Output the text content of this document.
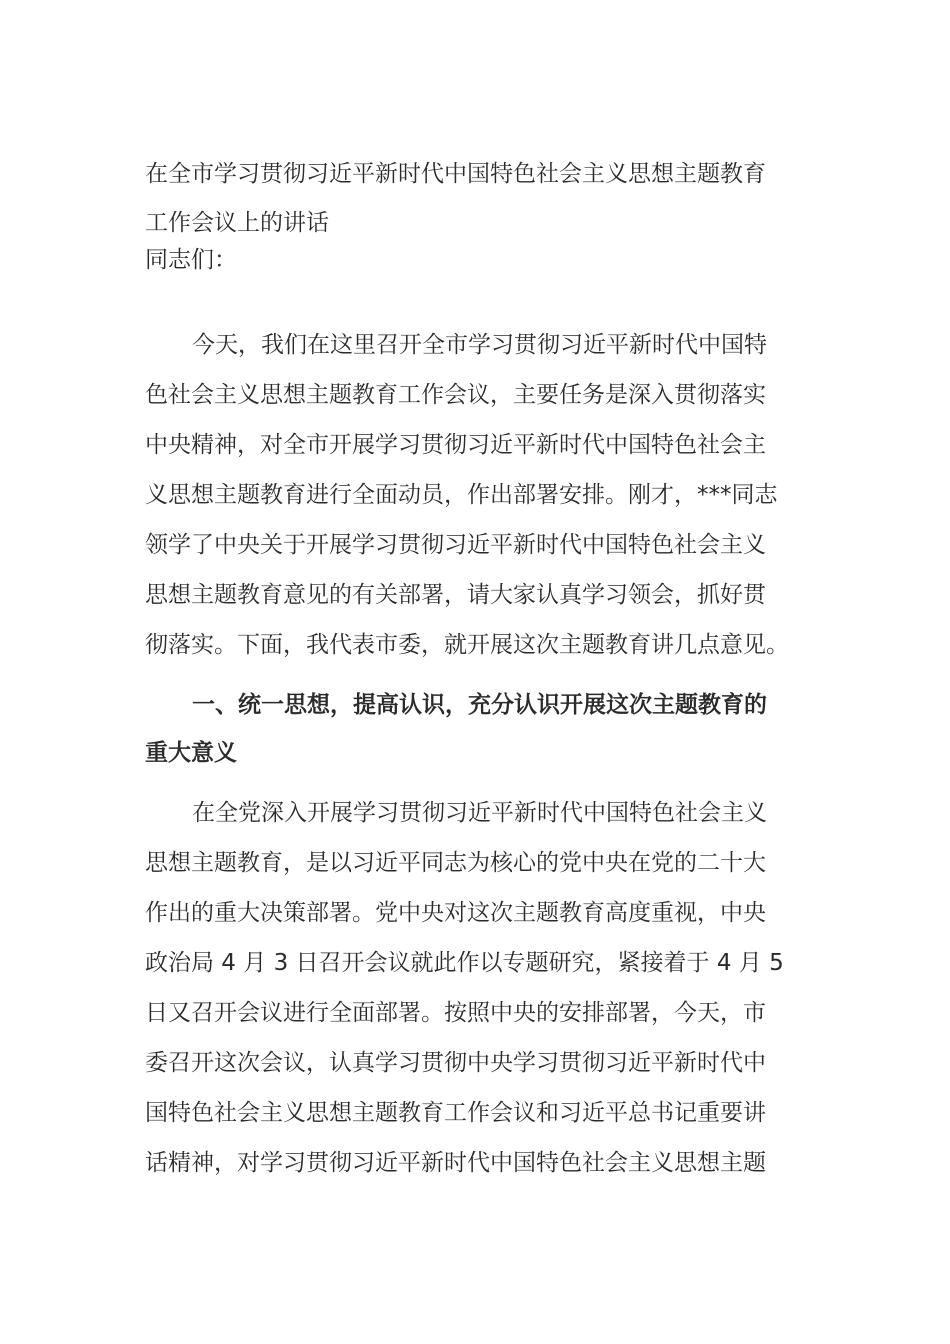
在全市学习贯彻习近平新时代中国特色社会主义思想主题教育
工作会议上的讲话
同志们：
今天，我们在这里召开全市学习贯彻习近平新时代中国特
色社会主义思想主题教育工作会议，主要任务是深入贯彻落实
中央精神，对全市开展学习贯彻习近平新时代中国特色社会主
义思想主题教育进行全面动员，作出部署安排。刚才，***同志
领学了中央关于开展学习贯彻习近平新时代中国特色社会主义
思想主题教育意见的有关部署，请大家认真学习领会，抓好贯
彻落实。下面，我代表市委，就开展这次主题教育讲几点意见。
一、统一思想，提高认识，充分认识开展这次主题教育的
重大意义
在全党深入开展学习贯彻习近平新时代中国特色社会主义
思想主题教育，是以习近平同志为核心的党中央在党的二十大
作出的重大决策部署。党中央对这次主题教育高度重视，中央
政治局 4 月 3 日召开会议就此作以专题研究，紧接着于 4 月 5
日又召开会议进行全面部署。按照中央的安排部署，今天，市
委召开这次会议，认真学习贯彻中央学习贯彻习近平新时代中
国特色社会主义思想主题教育工作会议和习近平总书记重要讲
话精神，对学习贯彻习近平新时代中国特色社会主义思想主题
